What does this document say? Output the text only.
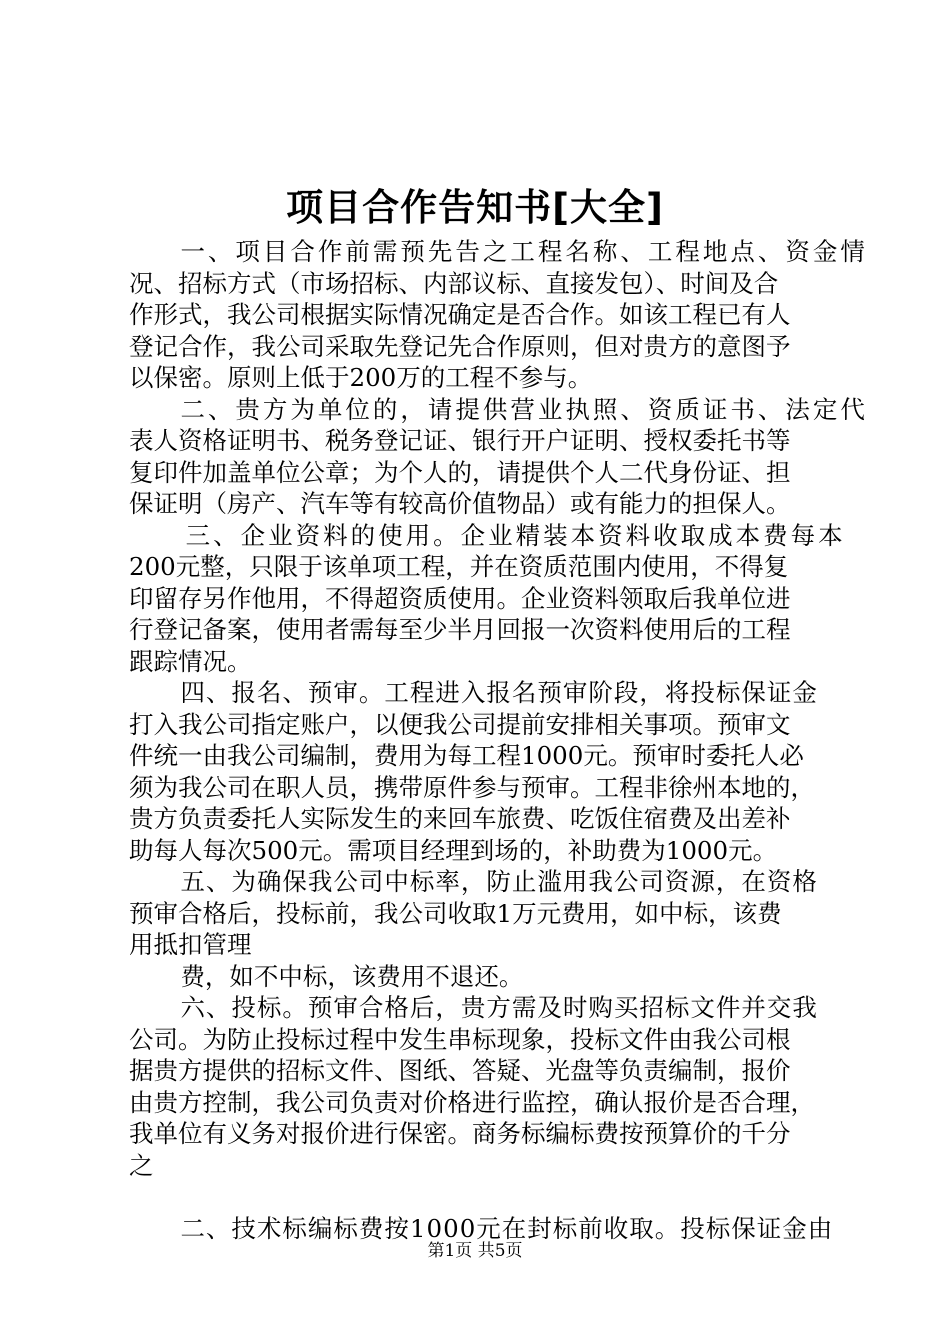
项目合作告知书[大全]
一、项目合作前需预先告之工程名称、工程地点、资金情
况、招标方式（市场招标、内部议标、直接发包）、时间及合
作形式，我公司根据实际情况确定是否合作。如该工程已有人
登记合作，我公司采取先登记先合作原则，但对贵方的意图予
以保密。原则上低于200万的工程不参与。
二、贵方为单位的，请提供营业执照、资质证书、法定代
表人资格证明书、税务登记证、银行开户证明、授权委托书等
复印件加盖单位公章；为个人的，请提供个人二代身份证、担
保证明（房产、汽车等有较高价值物品）或有能力的担保人。
三、企业资料的使用。企业精装本资料收取成本费每本
200元整，只限于该单项工程，并在资质范围内使用，不得复
印留存另作他用，不得超资质使用。企业资料领取后我单位进
行登记备案，使用者需每至少半月回报一次资料使用后的工程
跟踪情况。
四、报名、预审。工程进入报名预审阶段，将投标保证金
打入我公司指定账户，以便我公司提前安排相关事项。预审文
件统一由我公司编制，费用为每工程1000元。预审时委托人必
须为我公司在职人员，携带原件参与预审。工程非徐州本地的，
贵方负责委托人实际发生的来回车旅费、吃饭住宿费及出差补
助每人每次500元。需项目经理到场的，补助费为1000元。
五、为确保我公司中标率，防止滥用我公司资源，在资格
预审合格后，投标前，我公司收取1万元费用，如中标，该费
用抵扣管理
费，如不中标，该费用不退还。
六、投标。预审合格后，贵方需及时购买招标文件并交我
公司。为防止投标过程中发生串标现象，投标文件由我公司根
据贵方提供的招标文件、图纸、答疑、光盘等负责编制，报价
由贵方控制，我公司负责对价格进行监控，确认报价是否合理，
我单位有义务对报价进行保密。商务标编标费按预算价的千分
之
二、技术标编标费按1000元在封标前收取。投标保证金由
第1页 共5页
